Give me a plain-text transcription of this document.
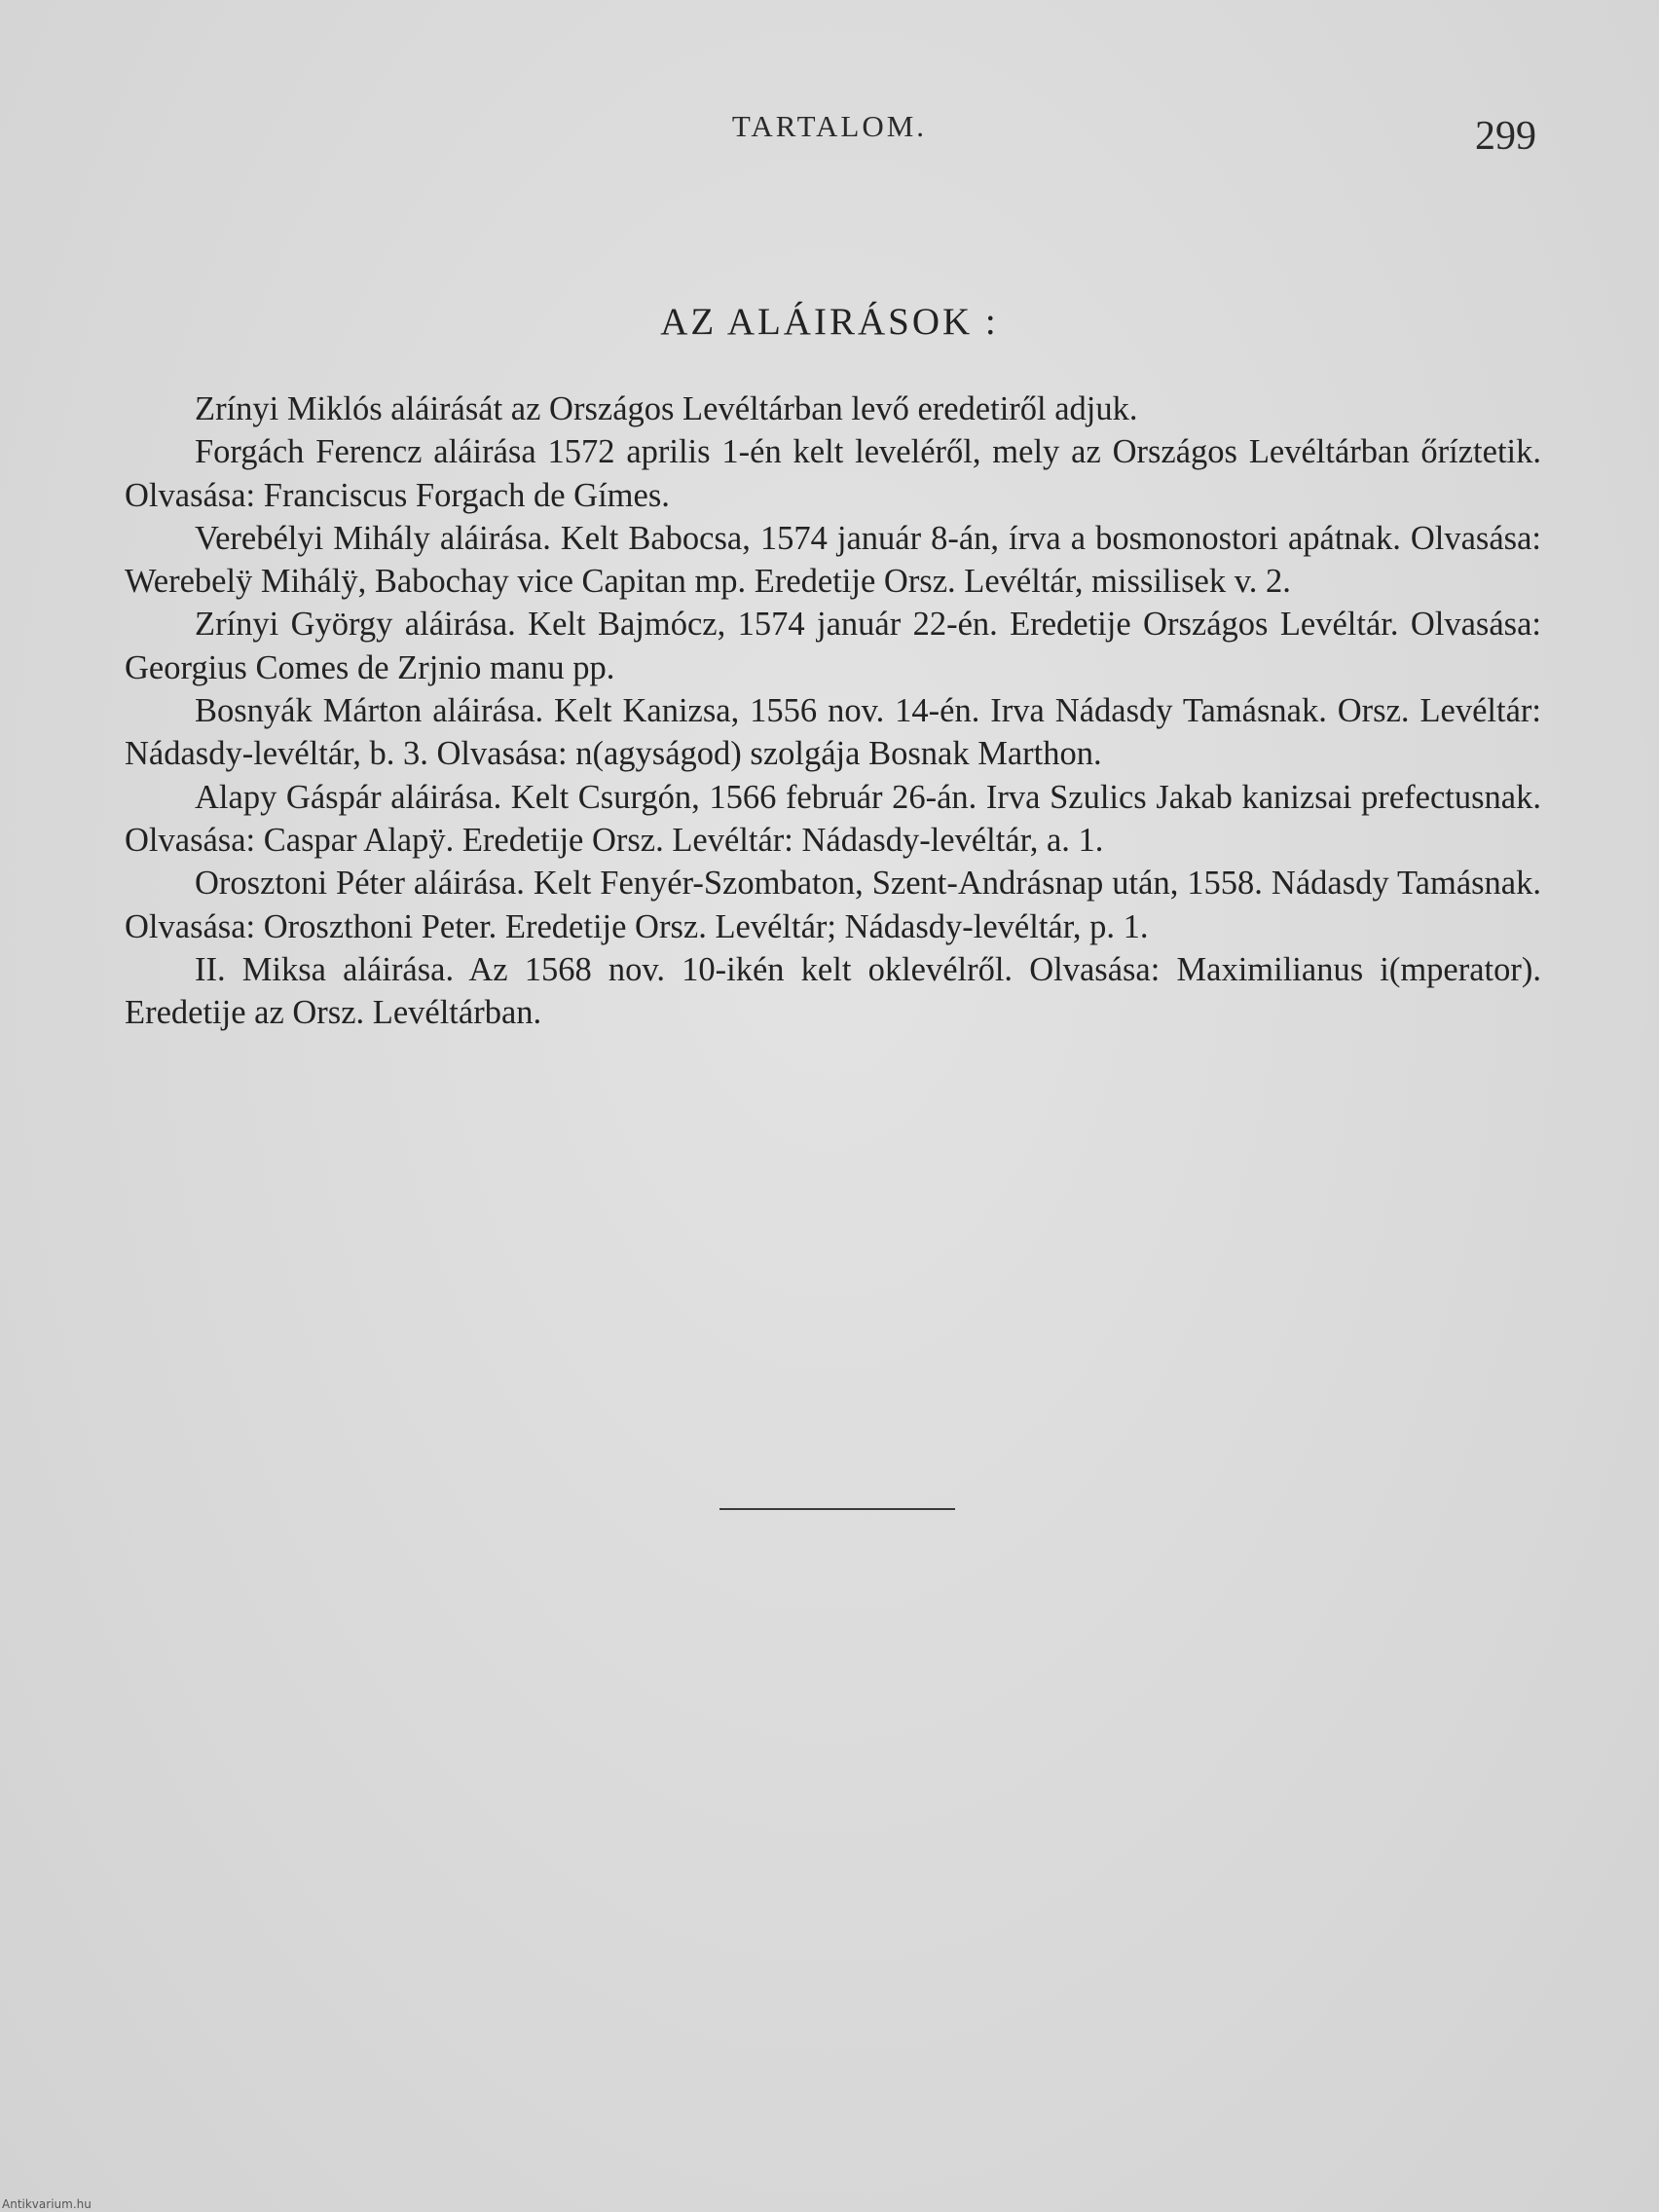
TARTALOM.	299
AZ ALÁIRÁSOK :

Zrínyi Miklós aláirását az Országos Levéltárban levő eredetiről adjuk.

Forgách Ferencz aláirása 1572 aprilis 1-én kelt leveléről, mely az Országos Levéltárban őríztetik. Olvasása: Franciscus Forgach de Gímes.

Verebélyi Mihály aláirása. Kelt Babocsa, 1574 január 8-án, írva a bosmonostori apátnak. Olvasása: Werebelÿ Mihálÿ, Babochay vice Capitan mp. Eredetije Orsz. Levéltár, missilisek v. 2.

Zrínyi György aláirása. Kelt Bajmócz, 1574 január 22-én. Eredetije Országos Levéltár. Olvasása: Georgius Comes de Zrjnio manu pp.

Bosnyák Márton aláirása. Kelt Kanizsa, 1556 nov. 14-én. Irva Nádasdy Tamásnak. Orsz. Levéltár: Nádasdy-levéltár, b. 3. Olvasása: n(agyságod) szolgája Bosnak Marthon.

Alapy Gáspár aláirása. Kelt Csurgón, 1566 február 26-án. Irva Szulics Jakab kanizsai prefectusnak. Olvasása: Caspar Alapÿ. Eredetije Orsz. Levéltár: Nádasdy-levéltár, a. 1.

Orosztoni Péter aláirása. Kelt Fenyér-Szombaton, Szent-Andrásnap után, 1558. Nádasdy Tamásnak. Olvasása: Oroszthoni Peter. Eredetije Orsz. Levéltár; Nádasdy-levéltár, p. 1.

II. Miksa aláirása. Az 1568 nov. 10-ikén kelt oklevélről. Olvasása: Maximilianus i(mperator). Eredetije az Orsz. Levéltárban.

Antikvarium.hu
